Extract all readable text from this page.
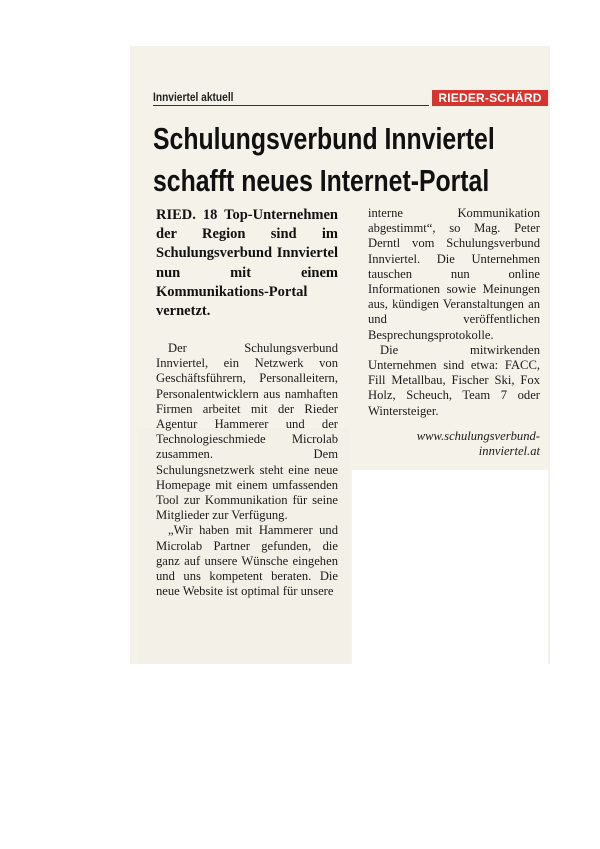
Innviertel aktuell	RIEDER-SCHÄRD
Schulungsverbund Innviertel
schafft neues Internet-Portal
RIED. 18 Top-Unternehmen der Region sind im Schulungsverbund Innviertel nun mit einem Kommunikations-Portal vernetzt.

Der Schulungsverbund Innviertel, ein Netzwerk von Geschäftsführern, Personalleitern, Personalentwicklern aus namhaften Firmen arbeitet mit der Rieder Agentur Hammerer und der Technologieschmiede Microlab zusammen. Dem Schulungsnetzwerk steht eine neue Homepage mit einem umfassenden Tool zur Kommunikation für seine Mitglieder zur Verfügung.

„Wir haben mit Hammerer und Microlab Partner gefunden, die ganz auf unsere Wünsche eingehen und uns kompetent beraten. Die neue Website ist optimal für unsere

interne Kommunikation abgestimmt“, so Mag. Peter Derntl vom Schulungsverbund Innviertel. Die Unternehmen tauschen nun online Informationen sowie Meinungen aus, kündigen Veranstaltungen an und veröffentlichen Besprechungsprotokolle.

Die mitwirkenden Unternehmen sind etwa: FACC, Fill Metallbau, Fischer Ski, Fox Holz, Scheuch, Team 7 oder Wintersteiger.

www.schulungsverbund-innviertel.at
